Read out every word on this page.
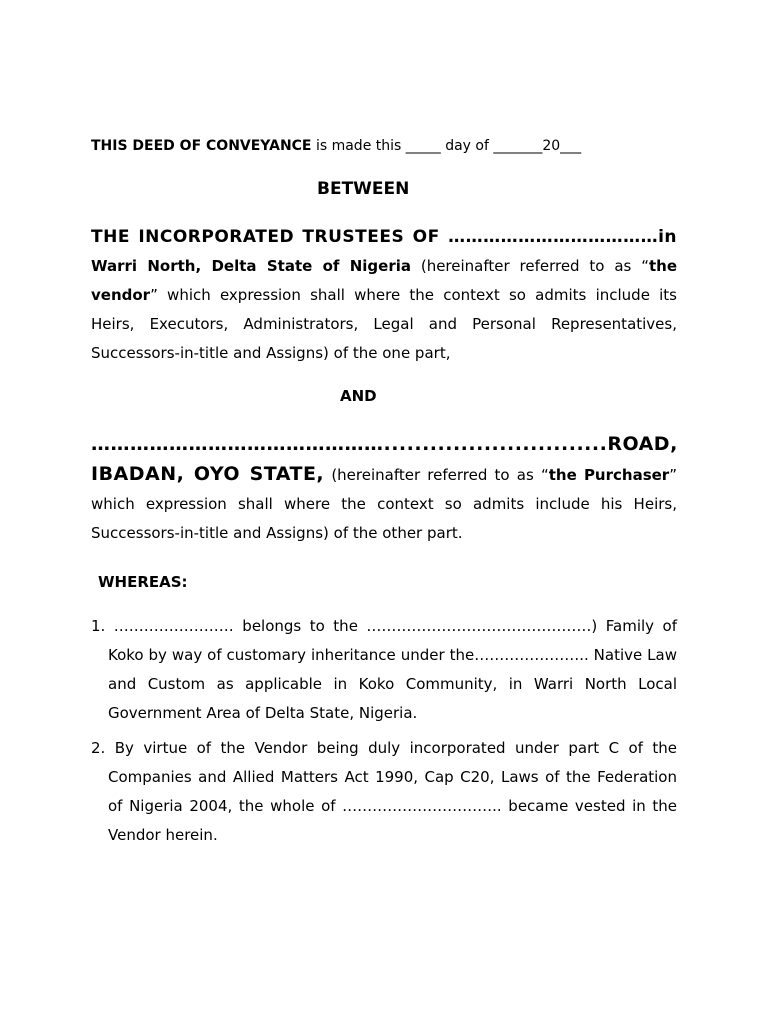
THIS DEED OF CONVEYANCE is made this _____ day of _______20___
BETWEEN
THE INCORPORATED TRUSTEES OF ………………………………in Warri North, Delta State of Nigeria (hereinafter referred to as “the vendor” which expression shall where the context so admits include its Heirs, Executors, Administrators, Legal and Personal Representatives, Successors-in-title and Assigns) of the one part,
AND
……………………………………….............................ROAD, IBADAN, OYO STATE, (hereinafter referred to as “the Purchaser” which expression shall where the context so admits include his Heirs, Successors-in-title and Assigns) of the other part.
WHEREAS:
1. …………………… belongs to the ………………………………………) Family of Koko by way of customary inheritance under the………………….. Native Law and Custom as applicable in Koko Community, in Warri North Local Government Area of Delta State, Nigeria.
2. By virtue of the Vendor being duly incorporated under part C of the Companies and Allied Matters Act 1990, Cap C20, Laws of the Federation of Nigeria 2004, the whole of ………………………….. became vested in the Vendor herein.
